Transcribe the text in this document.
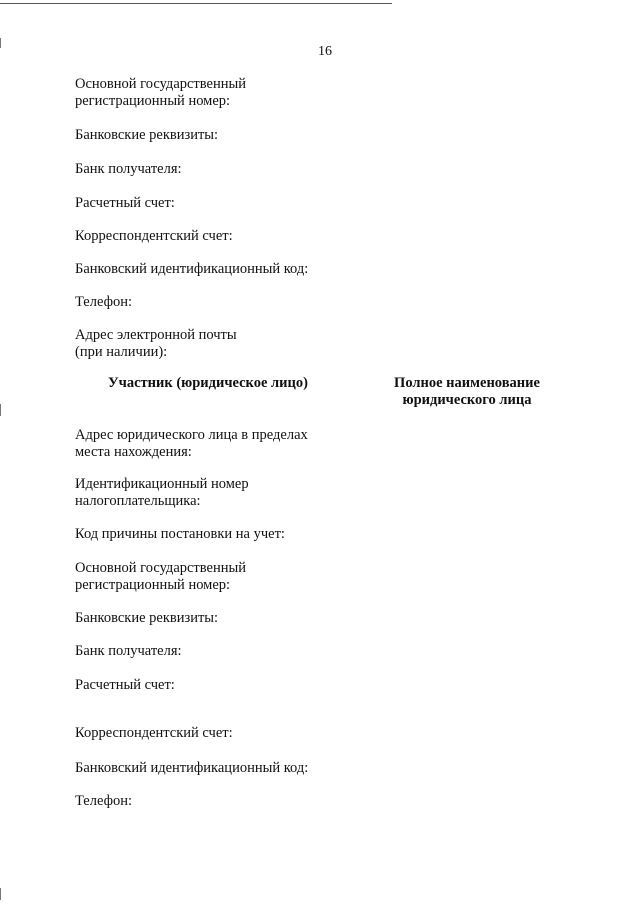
16
Основной государственный
регистрационный номер:
Банковские реквизиты:
Банк получателя:
Расчетный счет:
Корреспондентский счет:
Банковский идентификационный код:
Телефон:
Адрес электронной почты
(при наличии):
Участник (юридическое лицо)	Полное наименование
юридического лица
Адрес юридического лица в пределах
места нахождения:
Идентификационный номер
налогоплательщика:
Код причины постановки на учет:
Основной государственный
регистрационный номер:
Банковские реквизиты:
Банк получателя:
Расчетный счет:
Корреспондентский счет:
Банковский идентификационный код:
Телефон:
